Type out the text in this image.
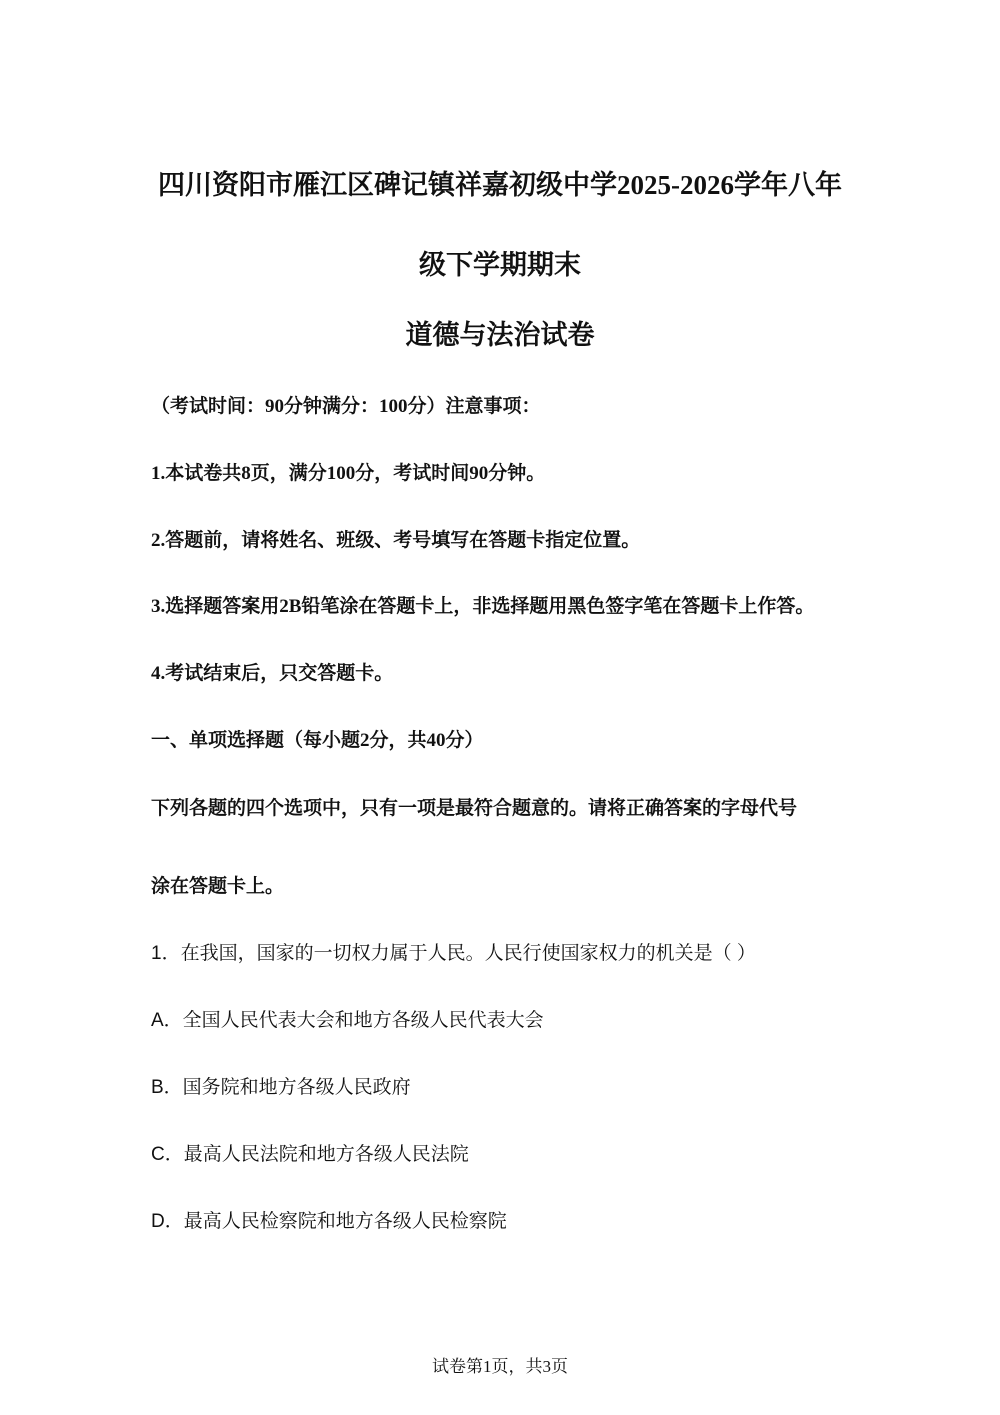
四川资阳市雁江区碑记镇祥嘉初级中学2025-2026学年八年
级下学期期末
道德与法治试卷
（考试时间：90分钟满分：100分）注意事项：
1.本试卷共8页，满分100分，考试时间90分钟。
2.答题前，请将姓名、班级、考号填写在答题卡指定位置。
3.选择题答案用2B铅笔涂在答题卡上，非选择题用黑色签字笔在答题卡上作答。
4.考试结束后，只交答题卡。
一、单项选择题（每小题2分，共40分）
下列各题的四个选项中，只有一项是最符合题意的。请将正确答案的字母代号
涂在答题卡上。
1．在我国，国家的一切权力属于人民。人民行使国家权力的机关是（ ）
A．全国人民代表大会和地方各级人民代表大会
B．国务院和地方各级人民政府
C．最高人民法院和地方各级人民法院
D．最高人民检察院和地方各级人民检察院
试卷第1页，共3页
